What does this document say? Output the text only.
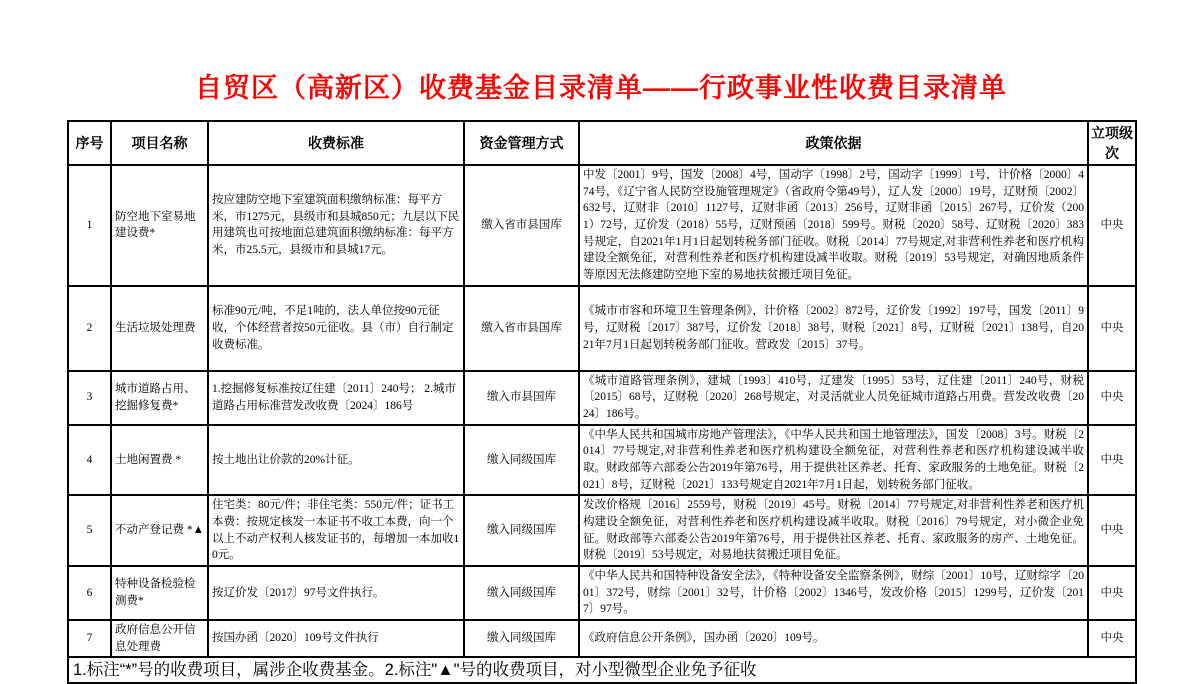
自贸区（高新区）收费基金目录清单——行政事业性收费目录清单
序号	项目名称	收费标准	资金管理方式	政策依据	立项级次
1	防空地下室易地建设费*	按应建防空地下室建筑面积缴纳标准：每平方米，市1275元，县级市和县城850元；九层以下民用建筑也可按地面总建筑面积缴纳标准：每平方米，市25.5元，县级市和县城17元。	缴入省市县国库	中发〔2001〕9号，国发〔2008〕4号，国动字〔1998〕2号，国动字〔1999〕1号，计价格〔2000〕474号，《辽宁省人民防空设施管理规定》（省政府令第49号），辽人发〔2000〕19号，辽财预〔2002〕632号，辽财非〔2010〕1127号，辽财非函〔2013〕256号，辽财非函〔2015〕267号，辽价发（2001）72号，辽价发（2018）55号，辽财预函〔2018〕599号。财税〔2020〕58号、辽财税〔2020〕383号规定，自2021年1月1日起划转税务部门征收。财税〔2014〕77号规定,对非营利性养老和医疗机构建设全额免征，对营利性养老和医疗机构建设减半收取。财税〔2019〕53号规定，对确因地质条件等原因无法修建防空地下室的易地扶贫搬迁项目免征。	中央
2	生活垃圾处理费	标准90元/吨，不足1吨的，法人单位按90元征收，个体经营者按50元征收。县（市）自行制定收费标准。	缴入省市县国库	《城市市容和环境卫生管理条例》，计价格〔2002〕872号，辽价发〔1992〕197号，国发〔2011〕9号，辽财税〔2017〕387号，辽价发〔2018〕38号，财税〔2021〕8号，辽财税〔2021〕138号，自2021年7月1日起划转税务部门征收。营政发〔2015〕37号。	中央
3	城市道路占用、挖掘修复费*	1.挖掘修复标准按辽住建〔2011〕240号； 2.城市道路占用标准营发改收费〔2024〕186号	缴入市县国库	《城市道路管理条例》，建城〔1993〕410号，辽建发〔1995〕53号，辽住建〔2011〕240号，财税〔2015〕68号，辽财税〔2020〕268号规定，对灵活就业人员免征城市道路占用费。营发改收费〔2024〕186号。	中央
4	土地闲置费 *	按土地出让价款的20%计征。	缴入同级国库	《中华人民共和国城市房地产管理法》，《中华人民共和国土地管理法》，国发〔2008〕3号。财税〔2014〕77号规定,对非营利性养老和医疗机构建设全额免征，对营利性养老和医疗机构建设减半收取。财政部等六部委公告2019年第76号，用于提供社区养老、托育、家政服务的土地免征。财税〔2021〕8号，辽财税〔2021〕133号规定自2021年7月1日起，划转税务部门征收。	中央
5	不动产登记费 *▲	住宅类：80元/件；非住宅类：550元/件；证书工本费：按规定核发一本证书不收工本费，向一个以上不动产权利人核发证书的，每增加一本加收10元。	缴入同级国库	发改价格规〔2016〕2559号，财税〔2019〕45号。财税〔2014〕77号规定,对非营利性养老和医疗机构建设全额免征，对营利性养老和医疗机构建设减半收取。财税〔2016〕79号规定，对小微企业免征。财政部等六部委公告2019年第76号，用于提供社区养老、托育、家政服务的房产、土地免征。 财税〔2019〕53号规定，对易地扶贫搬迁项目免征。	中央
6	特种设备检验检测费*	按辽价发〔2017〕97号文件执行。	缴入同级国库	《中华人民共和国特种设备安全法》，《特种设备安全监察条例》，财综〔2001〕10号，辽财综字〔2001〕372号，财综〔2001〕32号，计价格〔2002〕1346号，发改价格〔2015〕1299号，辽价发〔2017〕97号。	中央
7	政府信息公开信息处理费	按国办函〔2020〕109号文件执行	缴入同级国库	《政府信息公开条例》，国办函〔2020〕109号。	中央
1.标注“*”号的收费项目，属涉企收费基金。2.标注"▲"号的收费项目，对小型微型企业免予征收					
